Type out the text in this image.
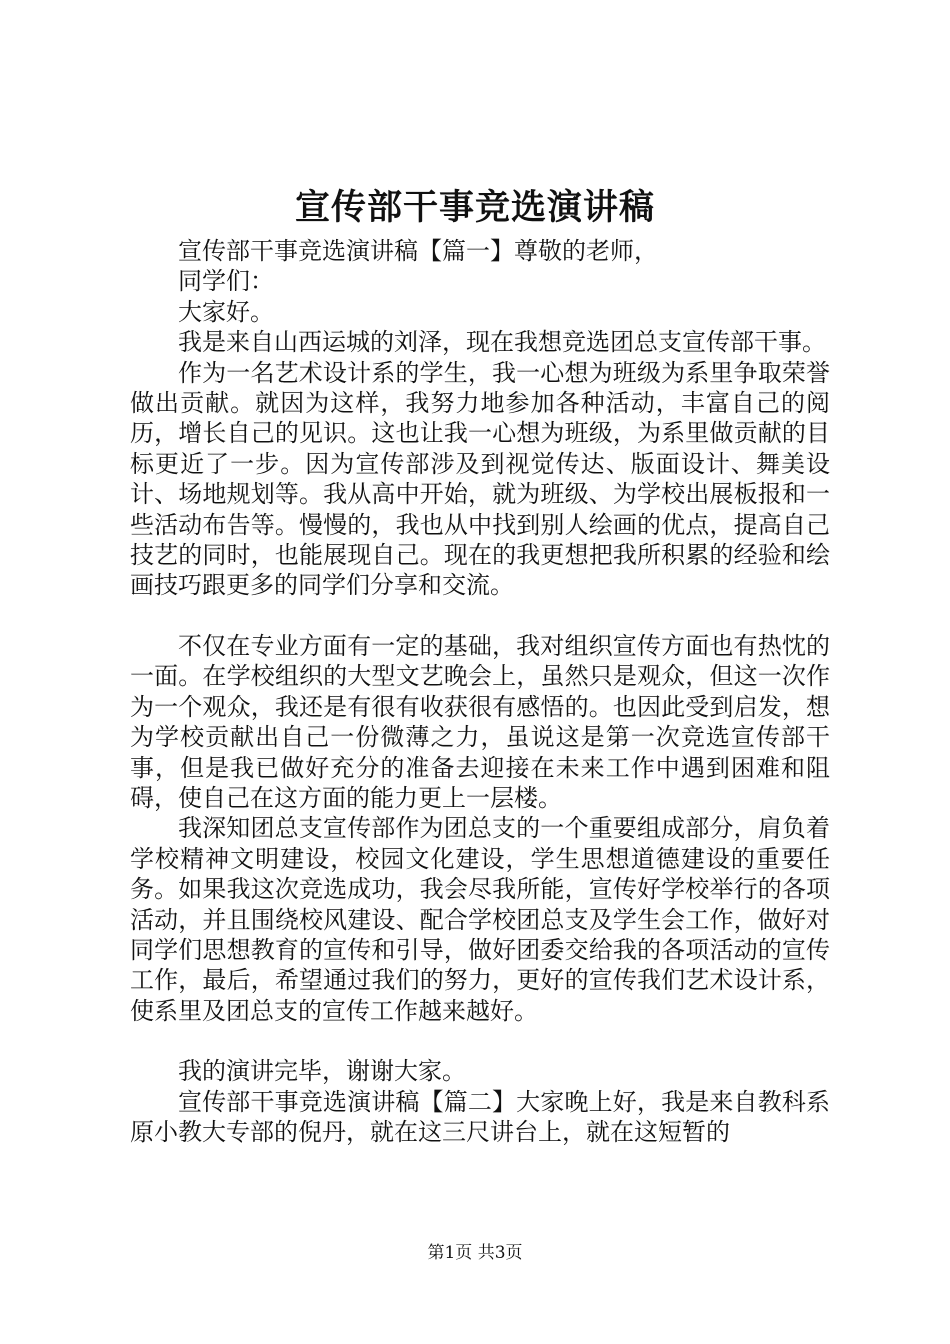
宣传部干事竞选演讲稿

宣传部干事竞选演讲稿【篇一】尊敬的老师，

同学们：

大家好。

我是来自山西运城的刘泽，现在我想竞选团总支宣传部干事。

作为一名艺术设计系的学生，我一心想为班级为系里争取荣誉做出贡献。就因为这样，我努力地参加各种活动，丰富自己的阅历，增长自己的见识。这也让我一心想为班级，为系里做贡献的目标更近了一步。因为宣传部涉及到视觉传达、版面设计、舞美设计、场地规划等。我从高中开始，就为班级、为学校出展板报和一些活动布告等。慢慢的，我也从中找到别人绘画的优点，提高自己技艺的同时，也能展现自己。现在的我更想把我所积累的经验和绘画技巧跟更多的同学们分享和交流。

不仅在专业方面有一定的基础，我对组织宣传方面也有热忱的一面。在学校组织的大型文艺晚会上，虽然只是观众，但这一次作为一个观众，我还是有很有收获很有感悟的。也因此受到启发，想为学校贡献出自己一份微薄之力，虽说这是第一次竞选宣传部干事，但是我已做好充分的准备去迎接在未来工作中遇到困难和阻碍，使自己在这方面的能力更上一层楼。

我深知团总支宣传部作为团总支的一个重要组成部分，肩负着学校精神文明建设，校园文化建设，学生思想道德建设的重要任务。如果我这次竞选成功，我会尽我所能，宣传好学校举行的各项活动，并且围绕校风建设、配合学校团总支及学生会工作，做好对同学们思想教育的宣传和引导，做好团委交给我的各项活动的宣传工作，最后，希望通过我们的努力，更好的宣传我们艺术设计系，使系里及团总支的宣传工作越来越好。

我的演讲完毕，谢谢大家。

宣传部干事竞选演讲稿【篇二】大家晚上好，我是来自教科系原小教大专部的倪丹，就在这三尺讲台上，就在这短暂的

第1页 共3页
